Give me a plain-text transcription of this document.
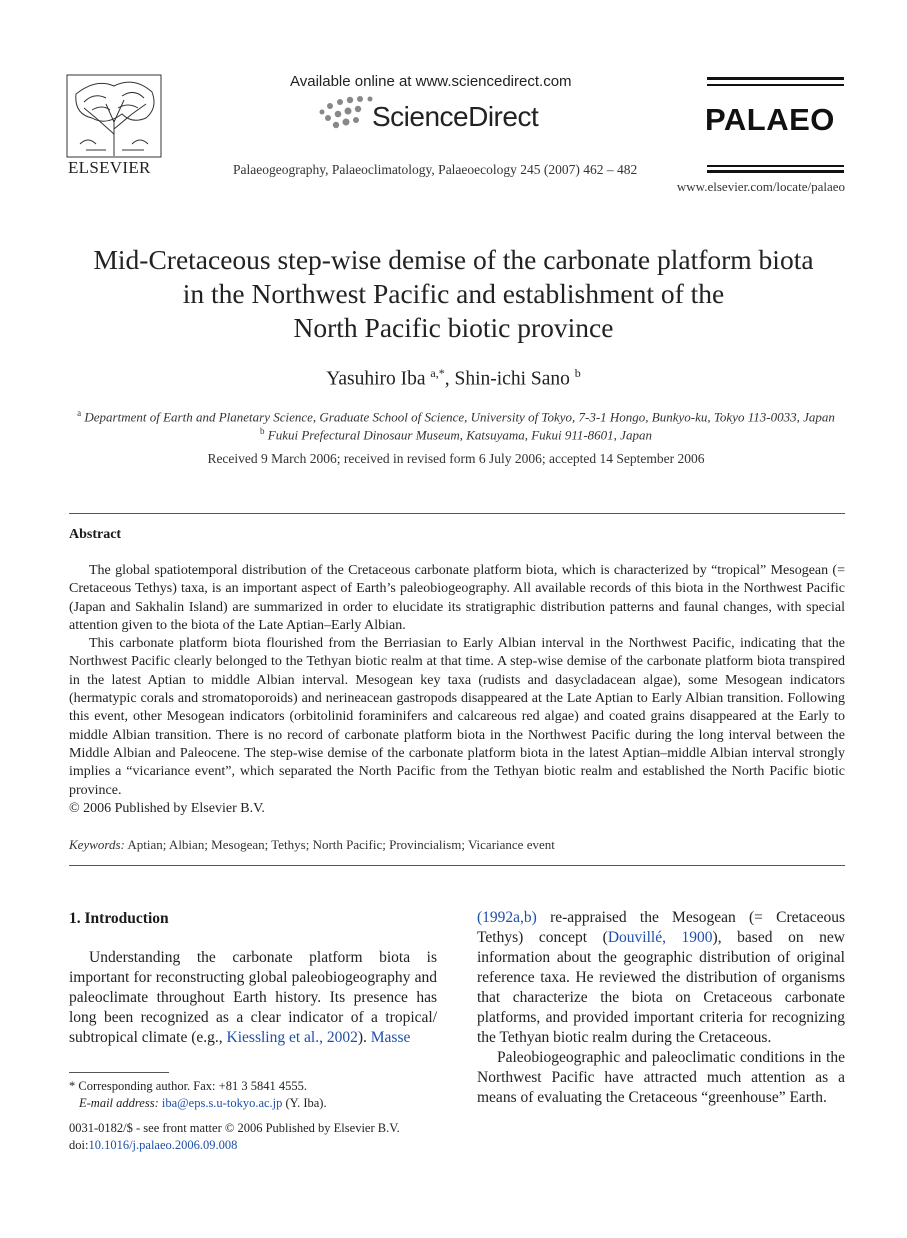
ELSEVIER
Available online at www.sciencedirect.com
ScienceDirect
Palaeogeography, Palaeoclimatology, Palaeoecology 245 (2007) 462 – 482
PALAEO
www.elsevier.com/locate/palaeo
Mid-Cretaceous step-wise demise of the carbonate platform biota
in the Northwest Pacific and establishment of the
North Pacific biotic province
Yasuhiro Iba $^{a,*}$, Shin-ichi Sano $^b$
$^a$ Department of Earth and Planetary Science, Graduate School of Science, University of Tokyo, 7-3-1 Hongo, Bunkyo-ku, Tokyo 113-0033, Japan
$^b$ Fukui Prefectural Dinosaur Museum, Katsuyama, Fukui 911-8601, Japan
Received 9 March 2006; received in revised form 6 July 2006; accepted 14 September 2006
Abstract

The global spatiotemporal distribution of the Cretaceous carbonate platform biota, which is characterized by “tropical” Mesogean (= Cretaceous Tethys) taxa, is an important aspect of Earth’s paleobiogeography. All available records of this biota in the Northwest Pacific (Japan and Sakhalin Island) are summarized in order to elucidate its stratigraphic distribution patterns and faunal changes, with special attention given to the biota of the Late Aptian–Early Albian.

This carbonate platform biota flourished from the Berriasian to Early Albian interval in the Northwest Pacific, indicating that the Northwest Pacific clearly belonged to the Tethyan biotic realm at that time. A step-wise demise of the carbonate platform biota transpired in the latest Aptian to middle Albian interval. Mesogean key taxa (rudists and dasycladacean algae), some Mesogean indicators (hermatypic corals and stromatoporoids) and nerineacean gastropods disappeared at the Late Aptian to Early Albian transition. Following this event, other Mesogean indicators (orbitolinid foraminifers and calcareous red algae) and coated grains disappeared at the Early to middle Albian transition. There is no record of carbonate platform biota in the Northwest Pacific during the long interval between the Middle Albian and Paleocene. The step-wise demise of the carbonate platform biota in the latest Aptian–middle Albian interval strongly implies a “vicariance event”, which separated the North Pacific from the Tethyan biotic realm and established the North Pacific biotic province.

© 2006 Published by Elsevier B.V.

Keywords: Aptian; Albian; Mesogean; Tethys; North Pacific; Provincialism; Vicariance event
1. Introduction

Understanding the carbonate platform biota is important for reconstructing global paleobiogeography and paleoclimate throughout Earth history. Its presence has long been recognized as a clear indicator of a tropical/ subtropical climate (e.g., Kiessling et al., 2002). Masse

(1992a,b) re-appraised the Mesogean (= Cretaceous Tethys) concept (Douvillé, 1900), based on new information about the geographic distribution of original reference taxa. He reviewed the distribution of organisms that characterize the biota on Cretaceous carbonate platforms, and provided important criteria for recognizing the Tethyan biotic realm during the Cretaceous.

Paleobiogeographic and paleoclimatic conditions in the Northwest Pacific have attracted much attention as a means of evaluating the Cretaceous “greenhouse” Earth.

* Corresponding author. Fax: +81 3 5841 4555.
E-mail address: iba@eps.s.u-tokyo.ac.jp (Y. Iba).
0031-0182/$ - see front matter © 2006 Published by Elsevier B.V.
doi:10.1016/j.palaeo.2006.09.008
